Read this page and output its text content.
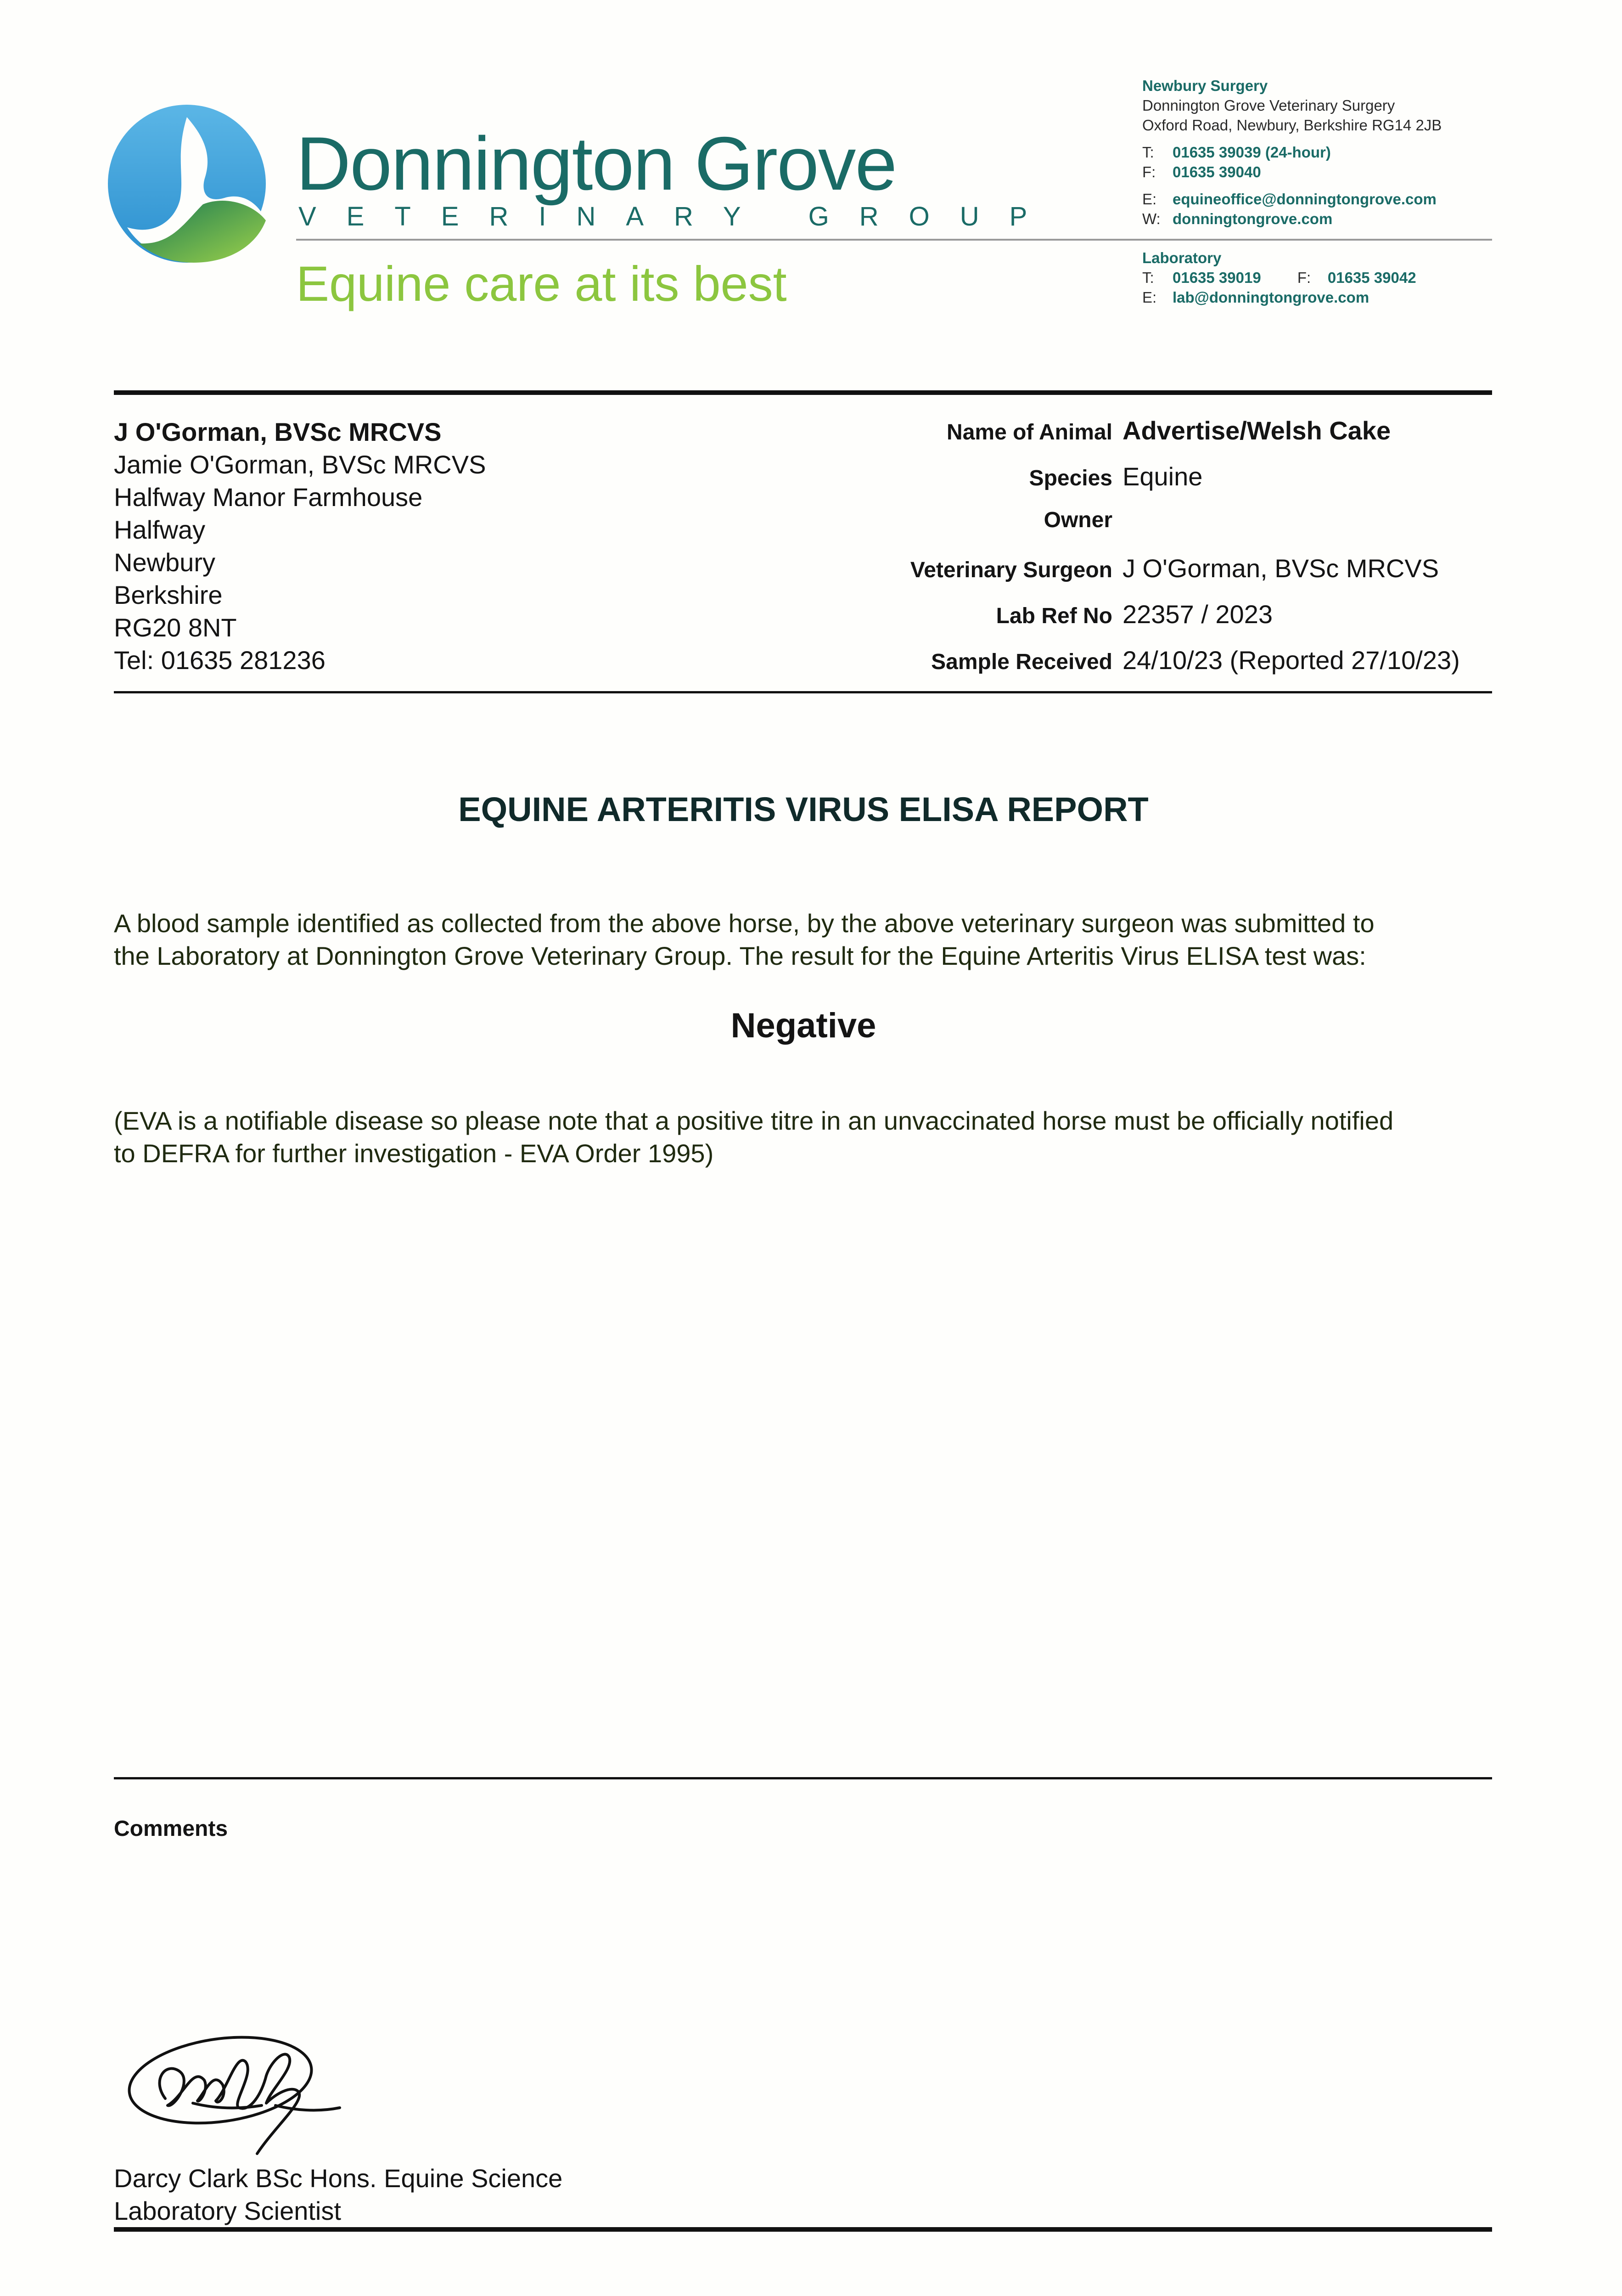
Donnington Grove
VETERINARY GROUP
Equine care at its best
Newbury Surgery
Donnington Grove Veterinary Surgery
Oxford Road, Newbury, Berkshire RG14 2JB
T: 01635 39039 (24-hour)
F: 01635 39040
E: equineoffice@donningtongrove.com
W: donningtongrove.com
Laboratory
T: 01635 39019 F: 01635 39042
E: lab@donningtongrove.com
J O'Gorman, BVSc MRCVS
Jamie O'Gorman, BVSc MRCVS
Halfway Manor Farmhouse
Halfway
Newbury
Berkshire
RG20 8NT
Tel: 01635 281236
Name of Animal Advertise/Welsh Cake
Species Equine
Owner
Veterinary Surgeon J O'Gorman, BVSc MRCVS
Lab Ref No 22357 / 2023
Sample Received 24/10/23 (Reported 27/10/23)
EQUINE ARTERITIS VIRUS ELISA REPORT
A blood sample identified as collected from the above horse, by the above veterinary surgeon was submitted to
the Laboratory at Donnington Grove Veterinary Group. The result for the Equine Arteritis Virus ELISA test was:
Negative
(EVA is a notifiable disease so please note that a positive titre in an unvaccinated horse must be officially notified
to DEFRA for further investigation - EVA Order 1995)
Comments
Darcy Clark BSc Hons. Equine Science
Laboratory Scientist
